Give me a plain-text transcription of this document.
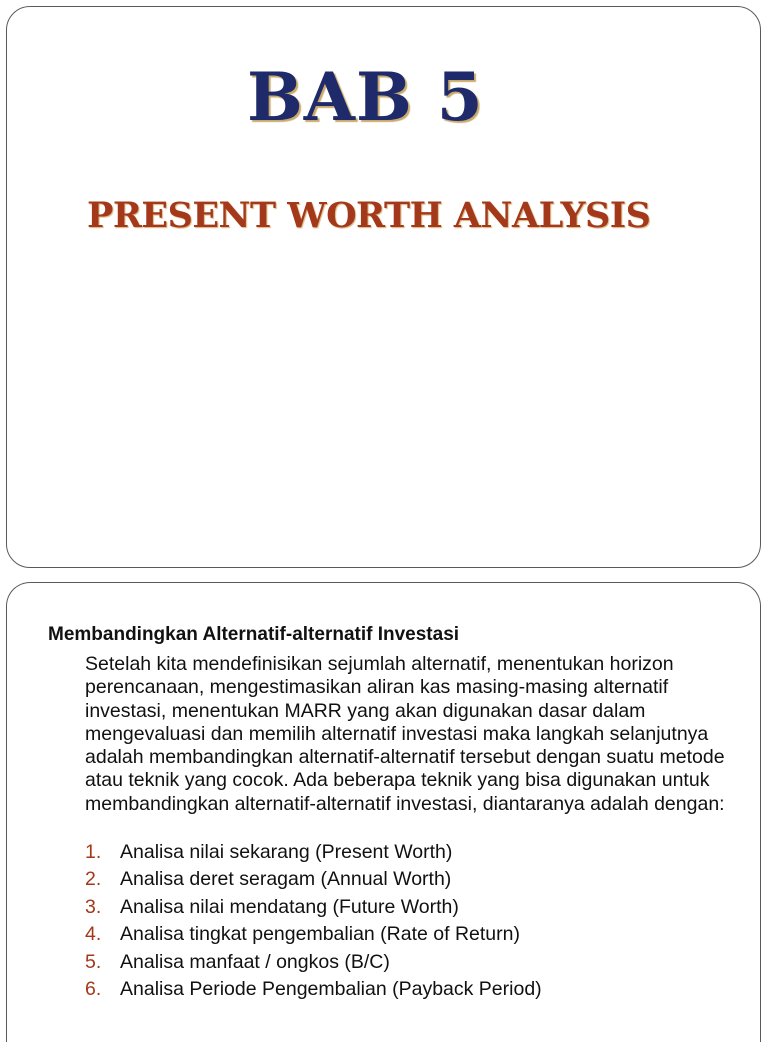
BAB 5
PRESENT WORTH ANALYSIS
Membandingkan Alternatif-alternatif Investasi

Setelah kita mendefinisikan sejumlah alternatif, menentukan horizon perencanaan, mengestimasikan aliran kas masing-masing alternatif investasi, menentukan MARR yang akan digunakan dasar dalam mengevaluasi dan memilih alternatif investasi maka langkah selanjutnya adalah membandingkan alternatif-alternatif tersebut dengan suatu metode atau teknik yang cocok. Ada beberapa teknik yang bisa digunakan untuk membandingkan alternatif-alternatif investasi, diantaranya adalah dengan:

1. Analisa nilai sekarang (Present Worth)
2. Analisa deret seragam (Annual Worth)
3. Analisa nilai mendatang (Future Worth)
4. Analisa tingkat pengembalian (Rate of Return)
5. Analisa manfaat / ongkos (B/C)
6. Analisa Periode Pengembalian (Payback Period)
